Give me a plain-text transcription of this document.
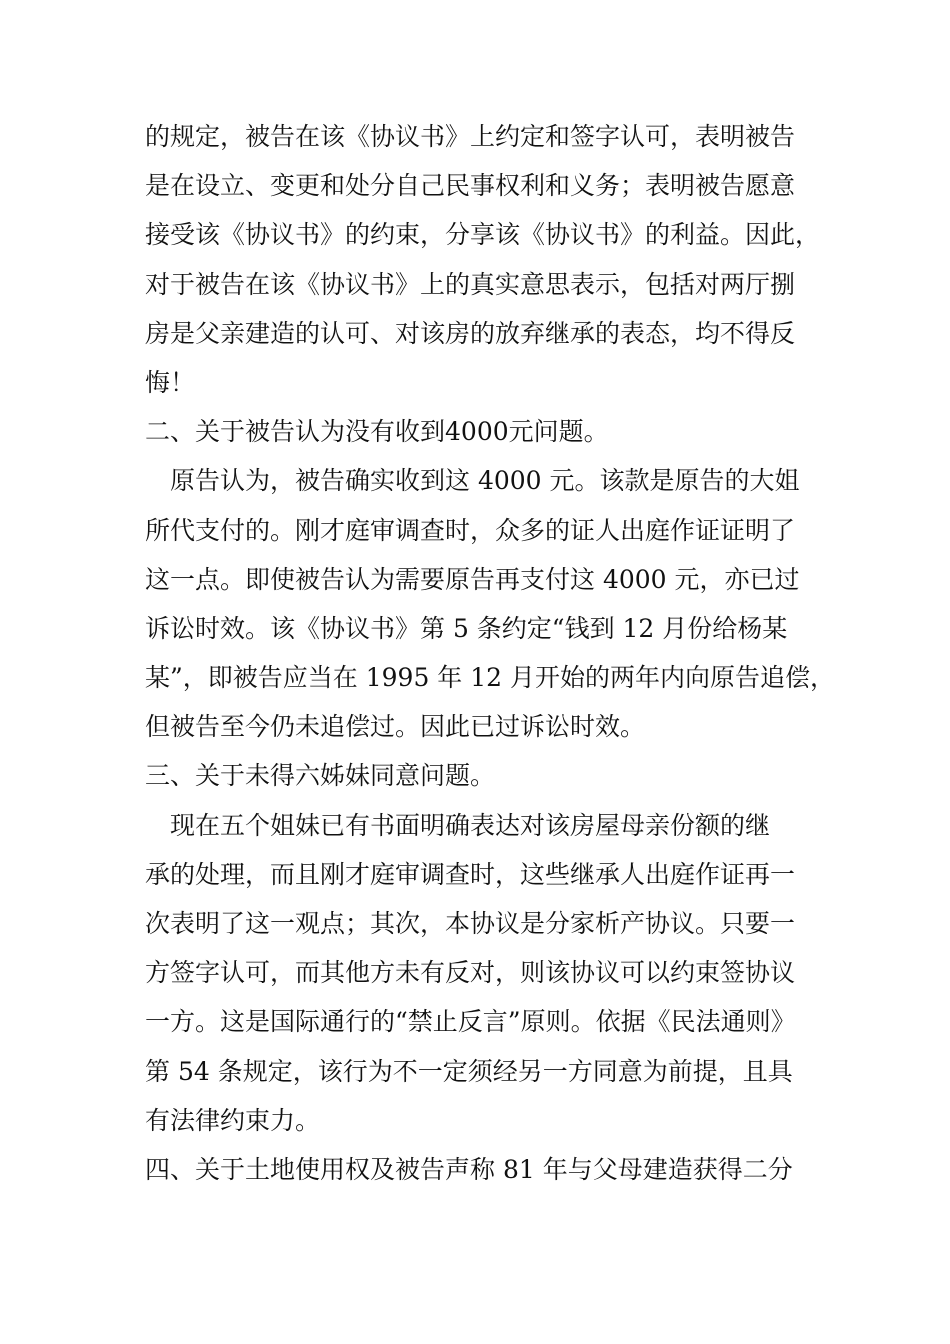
的规定，被告在该《协议书》上约定和签字认可，表明被告
是在设立、变更和处分自己民事权利和义务；表明被告愿意
接受该《协议书》的约束，分享该《协议书》的利益。因此，
对于被告在该《协议书》上的真实意思表示，包括对两厅捌
房是父亲建造的认可、对该房的放弃继承的表态，均不得反
悔！
二、关于被告认为没有收到4000元问题。
　原告认为，被告确实收到这 4000 元。该款是原告的大姐
所代支付的。刚才庭审调查时，众多的证人出庭作证证明了
这一点。即使被告认为需要原告再支付这 4000 元，亦已过
诉讼时效。该《协议书》第 5 条约定“钱到 12 月份给杨某
某”，即被告应当在 1995 年 12 月开始的两年内向原告追偿，
但被告至今仍未追偿过。因此已过诉讼时效。
三、关于未得六姊妹同意问题。
　现在五个姐妹已有书面明确表达对该房屋母亲份额的继
承的处理，而且刚才庭审调查时，这些继承人出庭作证再一
次表明了这一观点；其次，本协议是分家析产协议。只要一
方签字认可，而其他方未有反对，则该协议可以约束签协议
一方。这是国际通行的“禁止反言”原则。依据《民法通则》
第 54 条规定，该行为不一定须经另一方同意为前提，且具
有法律约束力。
四、关于土地使用权及被告声称 81 年与父母建造获得二分
